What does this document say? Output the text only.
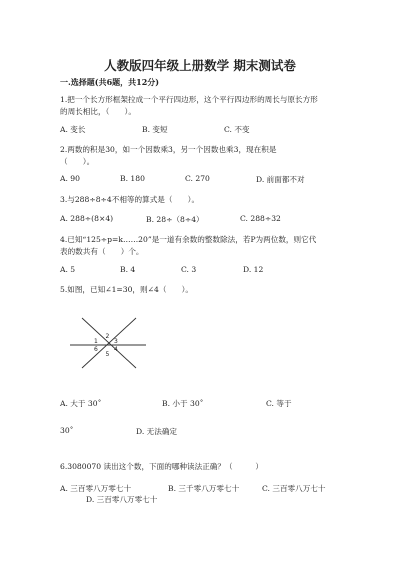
人教版四年级上册数学 期末测试卷
一.选择题(共6题，共12分)
1.把一个长方形框架拉成一个平行四边形，这个平行四边形的周长与原长方形
的周长相比，（　　）。
A. 变长	B. 变短	C. 不变
2.两数的积是30，如一个因数乘3，另一个因数也乘3，现在积是
（　　）。
A. 90	B. 180	C. 270	D. 前面都不对
3.与288÷8÷4不相等的算式是（　　）。
A. 288÷(8×4)	B. 28÷（8÷4）	C. 288÷32
4.已知“125÷p=k……20”是一道有余数的整数除法，若P为两位数，则它代
表的数共有（　　）个。
A. 5	B. 4	C. 3	D. 12
5.如图，已知∠1=30，则∠4（　　）。
1
2
3
4
5
6
A. 大于 30˚	B. 小于 30˚	C. 等于
30˚	D. 无法确定
6.3080070 读出这个数，下面的哪种读法正确？（　　　）
A. 三百零八万零七十	B. 三千零八万零七十	C. 三百零八万七十
D. 三百零八万零七十
